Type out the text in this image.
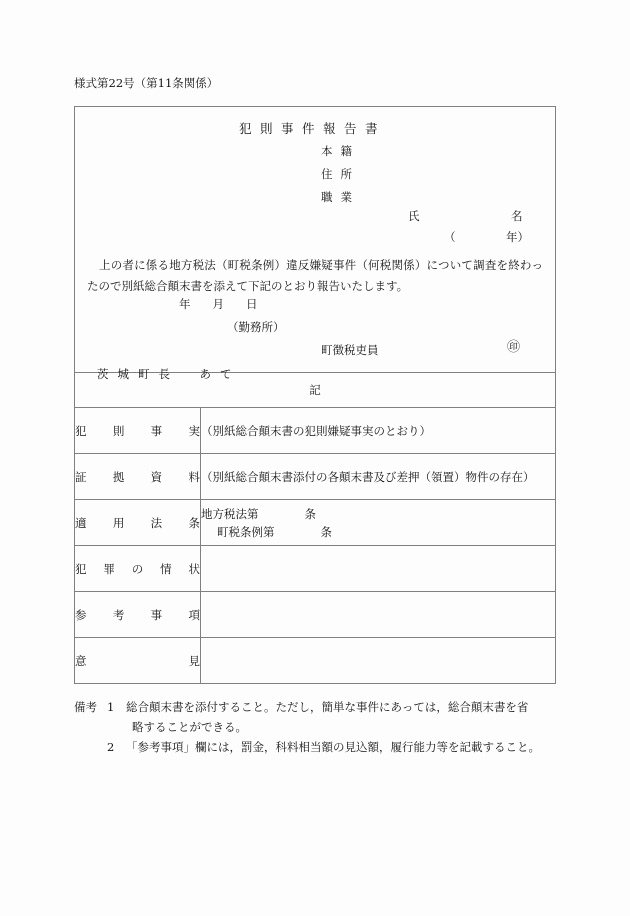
様式第22号（第11条関係）
犯則事件報告書
本籍
住所
職業
氏	名
（	年）
上の者に係る地方税法（町税条例）違反嫌疑事件（何税関係）について調査を終わったので別紙総合顛末書を添えて下記のとおり報告いたします。
年 月 日
（勤務所）
町徴税吏員	㊞
茨城町長　あて

記	

犯 則 事 実	（別紙総合顛末書の犯則嫌疑事実のとおり）

証 拠 資 料	（別紙総合顛末書添付の各顛末書及び差押（領置）物件の存在）

適 用 法 条

地方税法第　　　　条
町税条例第　　　　条

犯 罪 の 情 状	

参 考 事 項	

意 見	

備考 1	総合顛末書を添付すること。ただし，簡単な事件にあっては，総合顛末書を省
略することができる。
2	「参考事項」欄には，罰金，科料相当額の見込額，履行能力等を記載すること。
